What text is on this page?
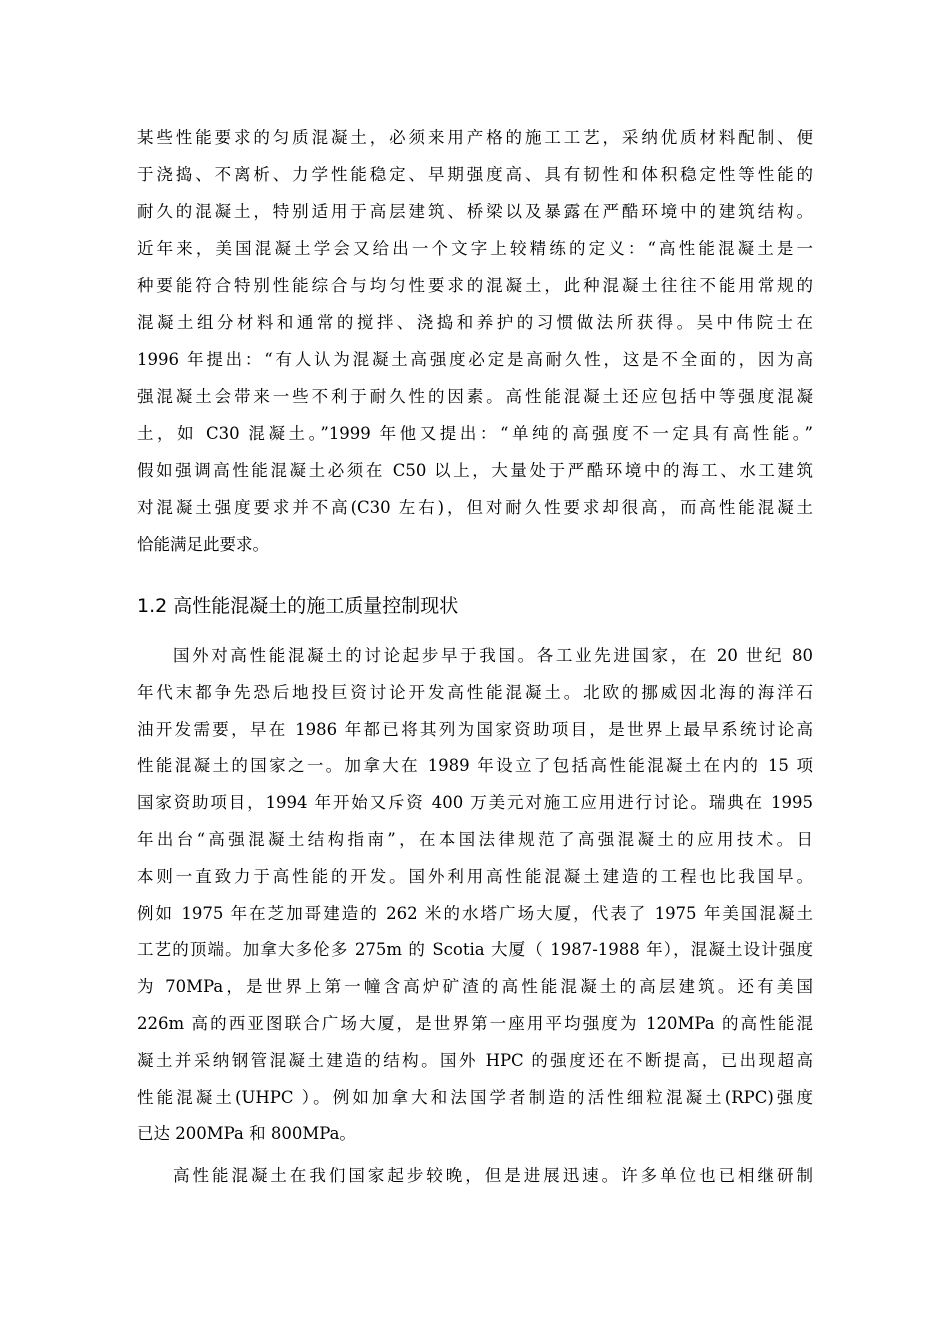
某些性能要求的匀质混凝土，必须来用产格的施工工艺，采纳优质材料配制、便
于浇捣、不离析、力学性能稳定、早期强度高、具有韧性和体积稳定性等性能的
耐久的混凝土，特别适用于高层建筑、桥梁以及暴露在严酷环境中的建筑结构。
近年来，美国混凝土学会又给出一个文字上较精练的定义：“高性能混凝土是一
种要能符合特别性能综合与均匀性要求的混凝土，此种混凝土往往不能用常规的
混凝土组分材料和通常的搅拌、浇捣和养护的习惯做法所获得。吴中伟院士在
1996 年提出：“有人认为混凝土高强度必定是高耐久性，这是不全面的，因为高
强混凝土会带来一些不利于耐久性的因素。高性能混凝土还应包括中等强度混凝
土，如 C30 混凝土。”1999 年他又提出：“单纯的高强度不一定具有高性能。”
假如强调高性能混凝土必须在 C50 以上，大量处于严酷环境中的海工、水工建筑
对混凝土强度要求并不高(C30 左右)，但对耐久性要求却很高，而高性能混凝土
恰能满足此要求。
1.2 高性能混凝土的施工质量控制现状
国外对高性能混凝土的讨论起步早于我国。各工业先进国家，在 20 世纪 80
年代末都争先恐后地投巨资讨论开发高性能混凝土。北欧的挪威因北海的海洋石
油开发需要，早在 1986 年都已将其列为国家资助项目，是世界上最早系统讨论高
性能混凝土的国家之一。加拿大在 1989 年设立了包括高性能混凝土在内的 15 项
国家资助项目，1994 年开始又斥资 400 万美元对施工应用进行讨论。瑞典在 1995
年出台“高强混凝土结构指南”，在本国法律规范了高强混凝土的应用技术。日
本则一直致力于高性能的开发。国外利用高性能混凝土建造的工程也比我国早。
例如 1975 年在芝加哥建造的 262 米的水塔广场大厦，代表了 1975 年美国混凝土
工艺的顶端。加拿大多伦多 275m 的 Scotia 大厦（ 1987-1988 年），混凝土设计强度
为 70MPa，是世界上第一幢含高炉矿渣的高性能混凝土的高层建筑。还有美国
226m 高的西亚图联合广场大厦，是世界第一座用平均强度为 120MPa 的高性能混
凝土并采纳钢管混凝土建造的结构。国外 HPC 的强度还在不断提高，已出现超高
性能混凝土(UHPC ）。例如加拿大和法国学者制造的活性细粒混凝土(RPC)强度
已达 200MPa 和 800MPa。
高性能混凝土在我们国家起步较晚，但是进展迅速。许多单位也已相继研制
